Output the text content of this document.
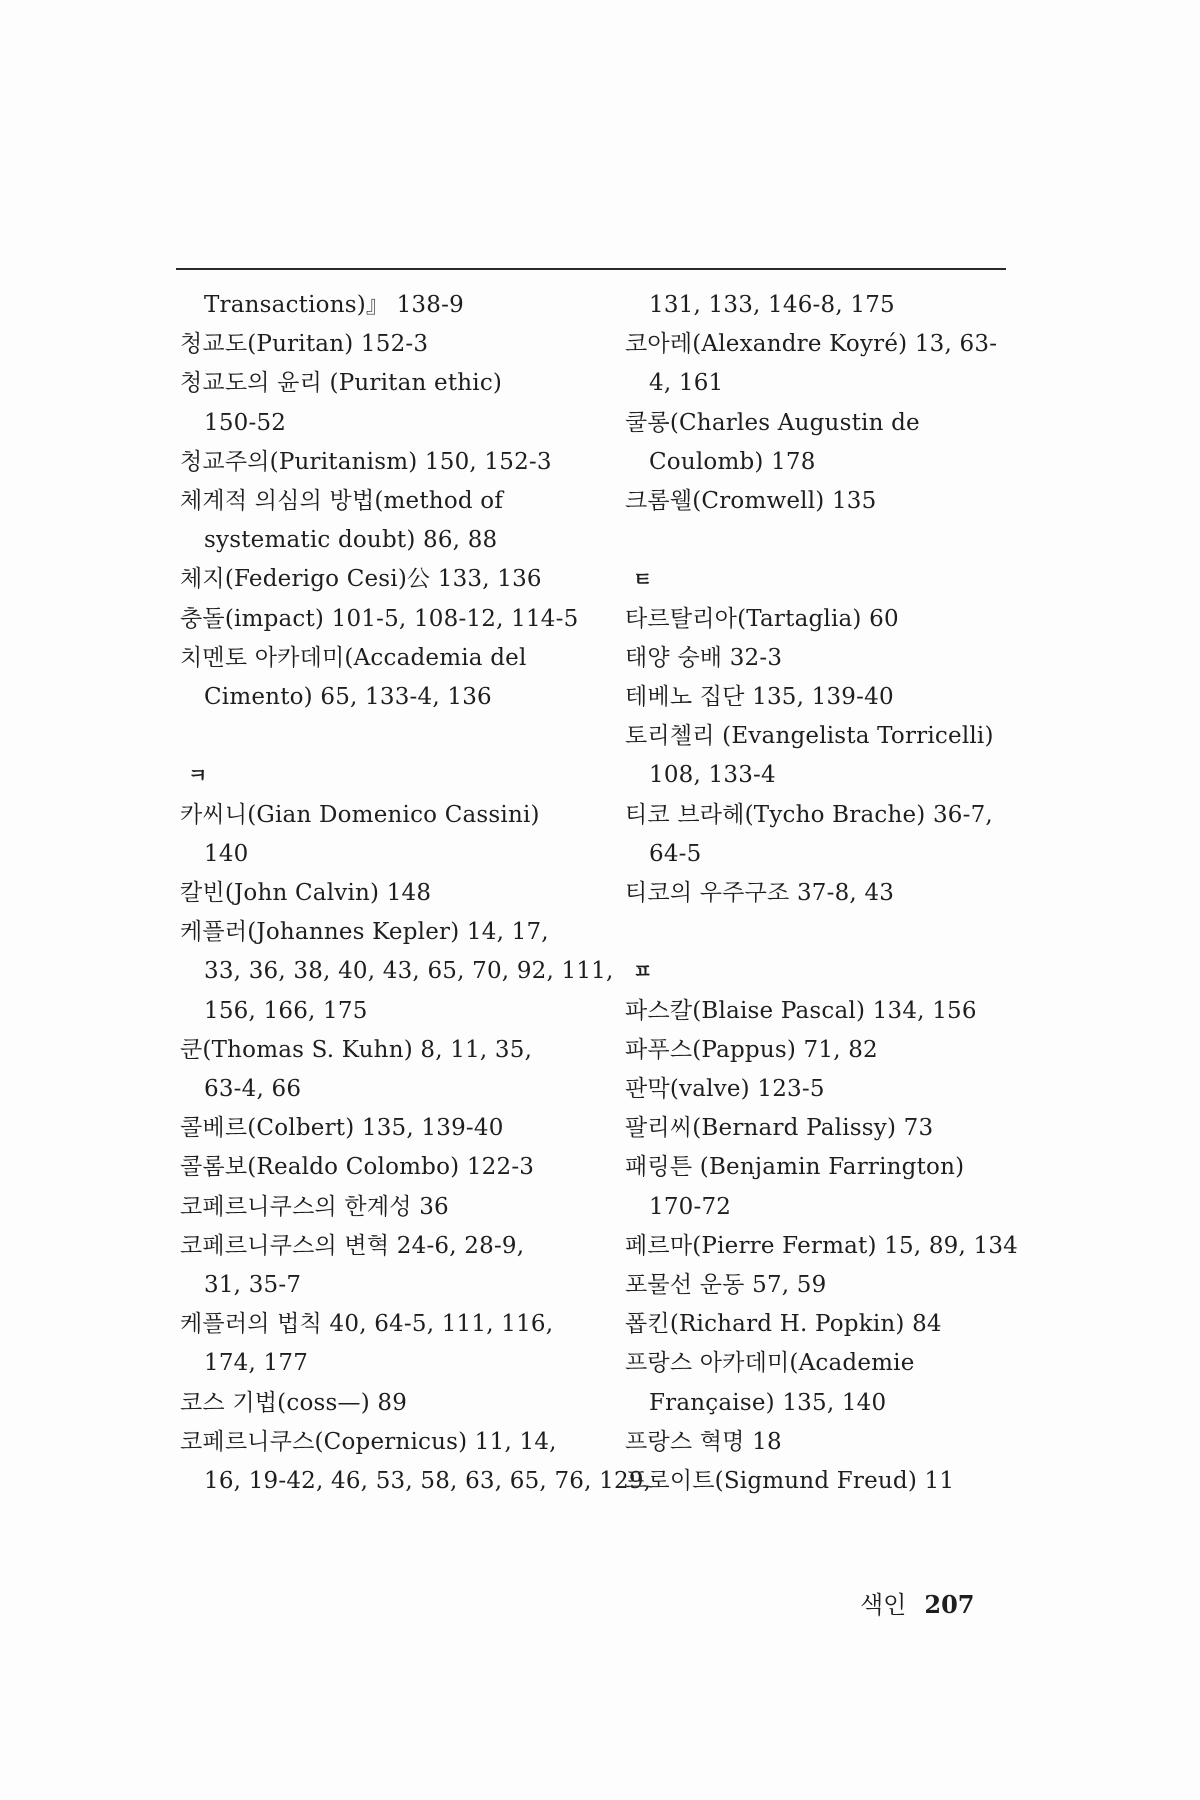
Transactions)』 138-9
청교도(Puritan) 152-3
청교도의 윤리 (Puritan ethic)
150-52
청교주의(Puritanism) 150, 152-3
체계적 의심의 방법(method of
systematic doubt) 86, 88
체지(Federigo Cesi)公 133, 136
충돌(impact) 101-5, 108-12, 114-5
치멘토 아카데미(Accademia del
Cimento) 65, 133-4, 136
ㅋ
카씨니(Gian Domenico Cassini)
140
칼빈(John Calvin) 148
케플러(Johannes Kepler) 14, 17,
33, 36, 38, 40, 43, 65, 70, 92, 111,
156, 166, 175
쿤(Thomas S. Kuhn) 8, 11, 35,
63-4, 66
콜베르(Colbert) 135, 139-40
콜롬보(Realdo Colombo) 122-3
코페르니쿠스의 한계성 36
코페르니쿠스의 변혁 24-6, 28-9,
31, 35-7
케플러의 법칙 40, 64-5, 111, 116,
174, 177
코스 기법(coss—) 89
코페르니쿠스(Copernicus) 11, 14,
16, 19-42, 46, 53, 58, 63, 65, 76, 129,
131, 133, 146-8, 175
코아레(Alexandre Koyré) 13, 63-
4, 161
쿨롱(Charles Augustin de
Coulomb) 178
크롬웰(Cromwell) 135
ㅌ
타르탈리아(Tartaglia) 60
태양 숭배 32-3
테베노 집단 135, 139-40
토리첼리 (Evangelista Torricelli)
108, 133-4
티코 브라헤(Tycho Brache) 36-7,
64-5
티코의 우주구조 37-8, 43
ㅍ
파스칼(Blaise Pascal) 134, 156
파푸스(Pappus) 71, 82
판막(valve) 123-5
팔리씨(Bernard Palissy) 73
패링튼 (Benjamin Farrington)
170-72
페르마(Pierre Fermat) 15, 89, 134
포물선 운동 57, 59
폽킨(Richard H. Popkin) 84
프랑스 아카데미(Academie
Française) 135, 140
프랑스 혁명 18
프로이트(Sigmund Freud) 11
색인 207
